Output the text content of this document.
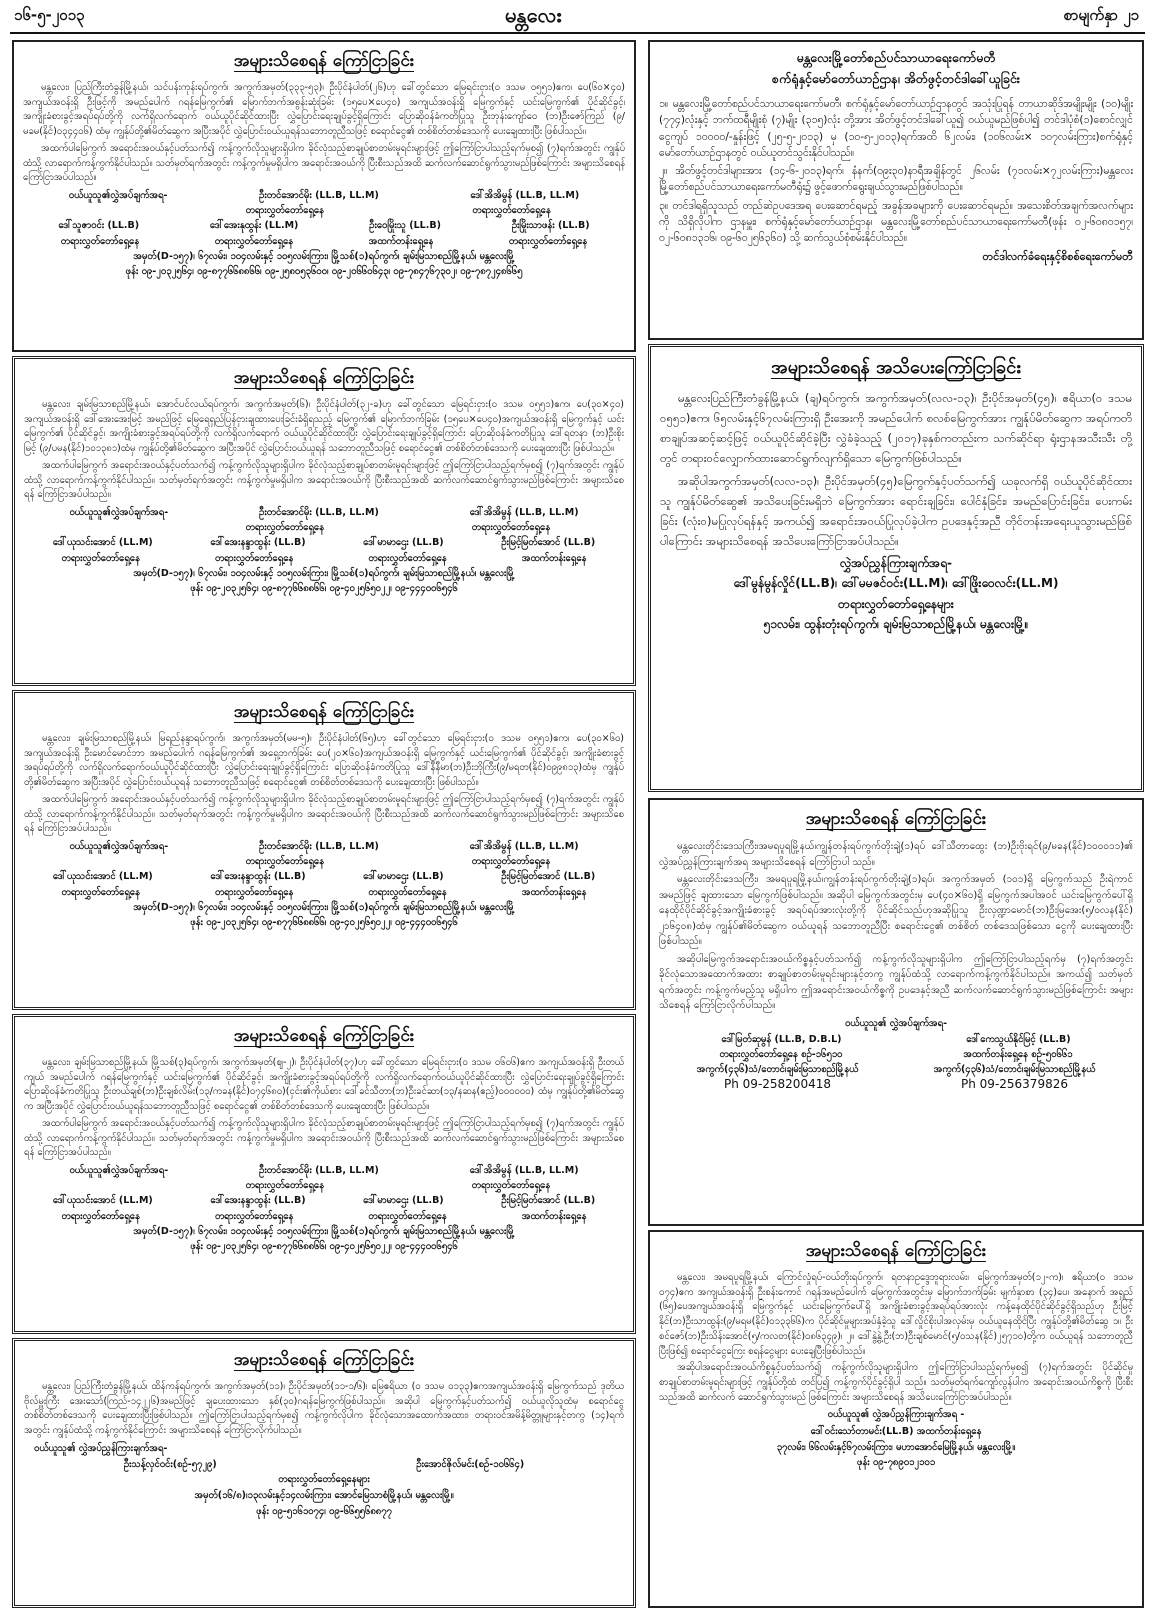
၁၆-၅-၂၀၁၃	မန္တလေး	စာမျက်နှာ ၂၁
အများသိစေရန် ကြော်ငြာခြင်း
မန္တလေး၊ ပြည်ကြီးတံခွန်မြို့နယ်၊ သင်ပန်းကုန်းရပ်ကွက်၊ အကွက်အမှတ်(၃၃၃-၅၃)၊ ဦးပိုင်နံပါတ်(၂၆)ဟု ခေါ်တွင်သော မြေရင်းငှား(၀ ဒသမ ၀၅၅၁)ဧက၊ ပေ(၆၀×၄၀) အကျယ်အဝန်းရှိ ဦးဖြင့်ကို အမည်ပေါက် ဂရန်မြေကွက်၏ မြောက်ဘက်အစွန်းဆုံးခြမ်း (၁၅ပေ×ပေ၄၀) အကျယ်အဝန်းရှိ မြေကွက်နှင့် ယင်းမြေကွက်၏ ပိုင်ဆိုင်ခွင့်၊ အကျိုးခံစားခွင့်အရပ်ရပ်တို့ကို လက်ရှိလက်ရောက် ဝယ်ယူပိုင်ဆိုင်ထားပြီး လွှဲပြောင်းရေးချုပ်ခွင့်ရှိကြောင်း ပြောဆိုဝန်ခံကတိပြုသူ ဦးဘုန်းကျော်ဝေ (ဘ)ဦးဇော်ကြည် (၉/မခမ(နိုင်)၀၃၄၄၀၆) ထံမှ ကျွန်ုပ်တို့၏မိတ်ဆွေက အပြီးအပိုင် လွှဲပြောင်းဝယ်ယူရန်သဘောတူညီသဖြင့် စရောင်ငွေ၏ တစ်စိတ်တစ်ဒေသကို ပေးချေထားပြီး ဖြစ်ပါသည်။
အထက်ပါမြေကွက် အရောင်းအဝယ်နှင့်ပတ်သက်၍ ကန့်ကွက်လိုသူများရှိပါက ခိုင်လုံသည့်စာချုပ်စာတမ်းမူရင်းများဖြင့် ဤကြော်ငြာပါသည့်ရက်မှစ၍ (၇)ရက်အတွင်း ကျွန်ုပ်ထံသို့ လာရောက်ကန့်ကွက်နိုင်ပါသည်။ သတ်မှတ်ရက်အတွင်း ကန့်ကွက်မှုမရှိပါက အရောင်းအဝယ်ကို ပြီးစီးသည်အထိ ဆက်လက်ဆောင်ရွက်သွားမည်ဖြစ်ကြောင်း အများသိစေရန် ကြော်ငြာအပ်ပါသည်။
ဝယ်ယူသူ၏လွှဲအပ်ချက်အရ-	ဦးတင်အောင်မိုး (LL.B, LL.M)	ဒေါ်အိအိမွန် (LL.B, LL.M)
တရားလွှတ်တော်ရှေ့နေ	တရားလွှတ်တော်ရှေ့နေ
ဒေါ်သူဇာဝင်း (LL.B)	ဒေါ်အေးနုထွန်း (LL.M)	ဦးဝေမြိုးသူ (LL.B)	ဦးမြိုးသာဖန်း (LL.B)
တရားလွှတ်တော်ရှေ့နေ	တရားလွှတ်တော်ရှေ့နေ	အထက်တန်းရှေ့နေ	တရားလွှတ်တော်ရှေ့နေ
အမှတ်(D-၁၅၇)၊ ၆၇လမ်း၊ ၁၀၄လမ်းနှင့် ၁၀၅လမ်းကြား၊ မြို့သစ်(၁)ရပ်ကွက်၊ ချမ်းမြသာစည်မြို့နယ်၊ မန္တလေးမြို့
ဖုန်း ၀၉-၂၀၃၂၅၆၄၊ ၀၉-၈၇၇၆၆၈၈၆၆၊ ၀၉-၂၅၈၀၅၃၆၀၀၊ ၀၉-၂၀၆၆၀၆၄၃၊ ၀၉-၇၈၄၇၆၇၃၀၂၊ ၀၉-၇၈၇၂၄၈၆၆၅
အများသိစေရန် ကြော်ငြာခြင်း
မန္တလေး၊ ချမ်းမြသာစည်မြို့နယ်၊ အောင်ပင်လယ်ရပ်ကွက်၊ အကွက်အမှတ်(၆)၊ ဦးပိုင်နံပါတ်(၃၂-ခ)ဟု ခေါ်တွင်သော မြေရင်းငှား(၀ ဒသမ ၀၅၅၁)ဧက၊ ပေ(၃၀×၄၀) အကျယ်အဝန်းရှိ ဒေါ်အေးအေးမြင့် အမည်ဖြင့် မြေရေရှည်ပြန်ငှားချထားပေးခြင်းခံရှိရသည့် မြေကွက်၏ မြောက်ဘက်ခြမ်း (၁၅ပေ×ပေ၄၀)အကျယ်အဝန်းရှိ မြေကွက်နှင့် ယင်းမြေကွက်၏ ပိုင်ဆိုင်ခွင့်၊ အကျိုးခံစားခွင့်အရပ်ရပ်တို့ကို လက်ရှိလက်ရောက် ဝယ်ယူပိုင်ဆိုင်ထားပြီး လွှဲပြောင်းရေးချုပ်ခွင့်ရှိကြောင်း ပြောဆိုဝန်ခံကတိပြုသူ ဒေါ်ရတနာ (ဘ)ဦးစိုးမြင့် (၉/ပမန(နိုင်)၁၀၁၃၈၁)ထံမှ ကျွန်ုပ်တို့၏မိတ်ဆွေက အပြီးအပိုင် လွှဲပြောင်းဝယ်ယူရန် သဘောတူညီသဖြင့် စရောင်ငွေ၏ တစ်စိတ်တစ်ဒေသကို ပေးချေထားပြီး ဖြစ်ပါသည်။
အထက်ပါမြေကွက် အရောင်းအဝယ်နှင့်ပတ်သက်၍ ကန့်ကွက်လိုသူများရှိပါက ခိုင်လုံသည့်စာချုပ်စာတမ်းမူရင်းများဖြင့် ဤကြော်ငြာပါသည့်ရက်မှစ၍ (၇)ရက်အတွင်း ကျွန်ုပ်ထံသို့ လာရောက်ကန့်ကွက်နိုင်ပါသည်။ သတ်မှတ်ရက်အတွင်း ကန့်ကွက်မှုမရှိပါက အရောင်းအဝယ်ကို ပြီးစီးသည်အထိ ဆက်လက်ဆောင်ရွက်သွားမည်ဖြစ်ကြောင်း အများသိစေရန် ကြော်ငြာအပ်ပါသည်။
ဝယ်ယူသူ၏လွှဲအပ်ချက်အရ-	ဦးတင်အောင်မိုး (LL.B, LL.M)	ဒေါ်အိအိမွန် (LL.B, LL.M)
တရားလွှတ်တော်ရှေ့နေ	တရားလွှတ်တော်ရှေ့နေ
ဒေါ်ယုသင်းအောင် (LL.M)	ဒေါ်အေးနန္ဒာထွန်း (LL.B)	ဒေါ်မာမာဌေး (LL.B)	ဦးမြင့်မြတ်အောင် (LL.B)
တရားလွှတ်တော်ရှေ့နေ	တရားလွှတ်တော်ရှေ့နေ	တရားလွှတ်တော်ရှေ့နေ	အထက်တန်းရှေ့နေ
အမှတ်(D-၁၅၇)၊ ၆၇လမ်း၊ ၁၀၄လမ်းနှင့် ၁၀၅လမ်းကြား၊ မြို့သစ်(၁)ရပ်ကွက်၊ ချမ်းမြသာစည်မြို့နယ်၊ မန္တလေးမြို့
ဖုန်း ၀၉-၂၀၃၂၅၆၄၊ ၀၉-၈၇၇၆၆၈၈၆၆၊ ၀၉-၄၀၂၅၆၅၀၂၂၊ ၀၉-၄၄၄၀၀၆၅၄၆
အများသိစေရန် ကြော်ငြာခြင်း
မန္တလေး၊ ချမ်းမြသာစည်မြို့နယ်၊ မြရည်နန္ဒာရပ်ကွက်၊ အကွက်အမှတ်(မမ-၅)၊ ဦးပိုင်နံပါတ်(၆၅)ဟု ခေါ်တွင်သော မြေရင်းငှား(၀ ဒသမ ၀၅၅၁)ဧက၊ ပေ(၃၀×၆၀) အကျယ်အဝန်းရှိ ဦးမောင်မောင်ဘာ အမည်ပေါက် ဂရန်မြေကွက်၏ အရှေ့ဘက်ခြမ်း ပေ(၂၀×၆၀)အကျယ်အဝန်းရှိ မြေကွက်နှင့် ယင်းမြေကွက်၏ ပိုင်ဆိုင်ခွင့်၊ အကျိုးခံစားခွင့်အရပ်ရပ်တို့ကို လက်ရှိလက်ရောက်ဝယ်ယူပိုင်ဆိုင်ထားပြီး လွှဲပြောင်းရေးချုပ်ခွင့်ရှိကြောင်း ပြောဆိုဝန်ခံကတိပြုသူ ဒေါ်နီနီမာ(ဘ)ဦးဘိုကြီး(၉/မရတ(နိုင်)၀၉၉၈၁၃)ထံမှ ကျွန်ုပ်တို့၏မိတ်ဆွေက အပြီးအပိုင် လွှဲပြောင်းဝယ်ယူရန် သဘောတူညီသဖြင့် စရောင်ငွေ၏ တစ်စိတ်တစ်ဒေသကို ပေးချေထားပြီး ဖြစ်ပါသည်။
အထက်ပါမြေကွက် အရောင်းအဝယ်နှင့်ပတ်သက်၍ ကန့်ကွက်လိုသူများရှိပါက ခိုင်လုံသည့်စာချုပ်စာတမ်းမူရင်းများဖြင့် ဤကြော်ငြာပါသည့်ရက်မှစ၍ (၇)ရက်အတွင်း ကျွန်ုပ်ထံသို့ လာရောက်ကန့်ကွက်နိုင်ပါသည်။ သတ်မှတ်ရက်အတွင်း ကန့်ကွက်မှုမရှိပါက အရောင်းအဝယ်ကို ပြီးစီးသည်အထိ ဆက်လက်ဆောင်ရွက်သွားမည်ဖြစ်ကြောင်း အများသိစေရန် ကြော်ငြာအပ်ပါသည်။
ဝယ်ယူသူ၏လွှဲအပ်ချက်အရ-	ဦးတင်အောင်မိုး (LL.B, LL.M)	ဒေါ်အိအိမွန် (LL.B, LL.M)
တရားလွှတ်တော်ရှေ့နေ	တရားလွှတ်တော်ရှေ့နေ
ဒေါ်ယုသင်းအောင် (LL.M)	ဒေါ်အေးနန္ဒာထွန်း (LL.B)	ဒေါ်မာမာဌေး (LL.B)	ဦးမြင့်မြတ်အောင် (LL.B)
တရားလွှတ်တော်ရှေ့နေ	တရားလွှတ်တော်ရှေ့နေ	တရားလွှတ်တော်ရှေ့နေ	အထက်တန်းရှေ့နေ
အမှတ်(D-၁၅၇)၊ ၆၇လမ်း၊ ၁၀၄လမ်းနှင့် ၁၀၅လမ်းကြား၊ မြို့သစ်(၁)ရပ်ကွက်၊ ချမ်းမြသာစည်မြို့နယ်၊ မန္တလေးမြို့
ဖုန်း ၀၉-၂၀၃၂၅၆၄၊ ၀၉-၈၇၇၆၆၈၈၆၆၊ ၀၉-၄၀၂၅၆၅၀၂၂၊ ၀၉-၄၄၄၀၀၆၅၄၆
အများသိစေရန် ကြော်ငြာခြင်း
မန္တလေး၊ ချမ်းမြသာစည်မြို့နယ်၊ မြို့သစ်(၃)ရပ်ကွက်၊ အကွက်အမှတ်(ဈ-၂)၊ ဦးပိုင်နံပါတ်(၃၇)ဟု ခေါ်တွင်သော မြေရင်းငှား(၀ ဒသမ ၀၆၀၆)ဧက အကျယ်အဝန်းရှိ ဦးတယ်ကျယ် အမည်ပေါက် ဂရန်မြေကွက်နှင့် ယင်းမြေကွက်၏ ပိုင်ဆိုင်ခွင့်၊ အကျိုးခံစားခွင့်အရပ်ရပ်တို့ကို လက်ရှိလက်ရောက်ဝယ်ယူပိုင်ဆိုင်ထားပြီး လွှဲပြောင်းရေးချုပ်ခွင့်ရှိကြောင်း ပြောဆိုဝန်ခံကတိပြုသူ ဦးတယ်ချစ်(ဘ)ဦးချစ်လိမ်း(၁၃/ကခန(နိုင်)၀၇၄၆၈၀)(ငှင်း၏ကိုယ်စား ဒေါ်ခင်သီတာ(ဘ)ဦးခင်ဆာ(၁၃/နဆန(ဧည့်)၀၀၀၀၀၀) ထံမှ ကျွန်ုပ်တို့၏မိတ်ဆွေက အပြီးအပိုင် လွှဲပြောင်းဝယ်ယူရန်သဘောတူညီသဖြင့် စရောင်ငွေ၏ တစ်စိတ်တစ်ဒေသကို ပေးချေထားပြီး ဖြစ်ပါသည်။
အထက်ပါမြေကွက် အရောင်းအဝယ်နှင့်ပတ်သက်၍ ကန့်ကွက်လိုသူများရှိပါက ခိုင်လုံသည့်စာချုပ်စာတမ်းမူရင်းများဖြင့် ဤကြော်ငြာပါသည့်ရက်မှစ၍ (၇)ရက်အတွင်း ကျွန်ုပ်ထံသို့ လာရောက်ကန့်ကွက်နိုင်ပါသည်။ သတ်မှတ်ရက်အတွင်း ကန့်ကွက်မှုမရှိပါက အရောင်းအဝယ်ကို ပြီးစီးသည်အထိ ဆက်လက်ဆောင်ရွက်သွားမည်ဖြစ်ကြောင်း အများသိစေရန် ကြော်ငြာအပ်ပါသည်။
ဝယ်ယူသူ၏လွှဲအပ်ချက်အရ-	ဦးတင်အောင်မိုး (LL.B, LL.M)	ဒေါ်အိအိမွန် (LL.B, LL.M)
တရားလွှတ်တော်ရှေ့နေ	တရားလွှတ်တော်ရှေ့နေ
ဒေါ်ယုသင်းအောင် (LL.M)	ဒေါ်အေးနန္ဒာထွန်း (LL.B)	ဒေါ်မာမာဌေး (LL.B)	ဦးမြင့်မြတ်အောင် (LL.B)
တရားလွှတ်တော်ရှေ့နေ	တရားလွှတ်တော်ရှေ့နေ	တရားလွှတ်တော်ရှေ့နေ	အထက်တန်းရှေ့နေ
အမှတ်(D-၁၅၇)၊ ၆၇လမ်း၊ ၁၀၄လမ်းနှင့် ၁၀၅လမ်းကြား၊ မြို့သစ်(၁)ရပ်ကွက်၊ ချမ်းမြသာစည်မြို့နယ်၊ မန္တလေးမြို့
ဖုန်း ၀၉-၂၀၃၂၅၆၄၊ ၀၉-၈၇၇၆၆၈၈၆၆၊ ၀၉-၄၀၂၅၆၅၀၂၂၊ ၀၉-၄၄၄၀၀၆၅၄၆
အများသိစေရန် ကြော်ငြာခြင်း
မန္တလေး၊ ပြည်ကြီးတံခွန်မြို့နယ်၊ ထိန်ကန်ရပ်ကွက်၊ အကွက်အမှတ်(၁၁)၊ ဦးပိုင်အမှတ်(၁၁-၁/၆)၊ မြေဧရိယာ (၀ ဒသမ ၀၁၃၃)ဧကအကျယ်အဝန်းရှိ မြေကွက်သည် ဒုတိယဗိုလ်မှူးကြီး အေးသော်(ကြည်-၁၄၂၂၆)အမည်ဖြင့် ချပေးထားသော နှစ်(၃၀)ဂရန်မြေကွက်ဖြစ်ပါသည်။ အဆိုပါ မြေကွက်နှင့်ပတ်သက်၍ ဝယ်ယူလိုသူထံမှ စရောင်ငွေတစ်စိတ်တစ်ဒေသကို ပေးချေထားပြီးဖြစ်ပါသည်။ ဤကြော်ငြာပါသည့်ရက်မှစ၍ ကန့်ကွက်လိုပါက ခိုင်လုံသောအထောက်အထား၊ တရားဝင်အမိန့်မိတ္တူများနှင့်တကွ (၁၄)ရက်အတွင်း ကျွန်ုပ်ထံသို့ ကန့်ကွက်နိုင်ကြောင်း အများသိစေရန် ကြော်ငြာလိုက်ပါသည်။
ဝယ်ယူသူ၏ လွှဲအပ်ညွှန်ကြားချက်အရ-
ဦးသန့်လှင်ဝင်း(စဥ်-၅၇၂၉)	ဦးအောင်ဇိုလ်မင်း(စဥ်-၁၀၆၆၄)
တရားလွှတ်တော်ရှေ့နေများ
အမှတ်(၁၆/၈)၊၁၃လမ်းနှင့်၁၄လမ်းကြား၊ အောင်မြေသာစံမြို့နယ်၊ မန္တလေးမြို့။
ဖုန်း ၀၉-၅၁၆၁၀၇၄၊ ၀၉-၆၆၅၅၆၈၈၇၇
မန္တလေးမြို့တော်စည်ပင်သာယာရေးကော်မတီ
စက်ရုံနှင့်မော်တော်ယာဉ်ဌာန၊ အိတ်ဖွင့်တင်ဒါခေါ်ယူခြင်း
၁။ မန္တလေးမြို့တော်စည်ပင်သာယာရေးကော်မတီ၊ စက်ရုံနှင့်မော်တော်ယာဉ်ဌာနတွင် အသုံးပြုရန် တာယာဆိုဒ်အမျိုးမျိုး (၁၀)မျိုး (၇၇၄)လုံးနှင့် ဘက်ထရီမျိုးစုံ (၇)မျိုး (၃၁၅)လုံး တို့အား အိတ်ဖွင့်တင်ဒါခေါ်ယူ၍ ဝယ်ယူမည်ဖြစ်ပါ၍ တင်ဒါပုံစံ(၁)စောင်လျှင် ငွေကျပ် ၁၀၀၀၀/-နှုန်းဖြင့် (၂၅-၅-၂၀၁၃) မှ (၁၀-၅-၂၀၁၃)ရက်အထိ ၆၂လမ်း၊ (၁၀၆လမ်း× ၁၀၇လမ်းကြား)စက်ရုံနှင့်မော်တော်ယာဉ်ဌာနတွင် ဝယ်ယူတင်သွင်းနိုင်ပါသည်။
၂။ အိတ်ဖွင့်တင်ဒါများအား (၁၄-၆-၂၀၁၃)ရက်၊ နံနက်(၀၉း၃၀)နာရီအချိန်တွင် ၂၆လမ်း (၇၁လမ်း×၇၂လမ်းကြား)မန္တလေးမြို့တော်စည်ပင်သာယာရေးကော်မတီရုံး၌ ဖွင့်ဖောက်ရွေးချယ်သွားမည်ဖြစ်ပါသည်။
၃။ တင်ဒါရရှိသူသည် တည်ဆဲဥပဒေအရ ပေးဆောင်ရမည့် အခွန်အခများကို ပေးဆောင်ရမည်။ အသေးစိတ်အချက်အလက်များကို သိရှိလိုပါက ဌာနမှူး၊ စက်ရုံနှင့်မော်တော်ယာဉ်ဌာန၊ မန္တလေးမြို့တော်စည်ပင်သာယာရေးကော်မတီ(ဖုန်း ၀၂-၆၀၈၀၁၅၇၊ ၀၂-၆၀၈၁၃၁၆၊ ၀၉-၆၀၂၅၆၃၆၀) သို့ ဆက်သွယ်စုံစမ်းနိုင်ပါသည်။
တင်ဒါလက်ခံရေးနှင့်စိစစ်ရေးကော်မတီ
အများသိစေရန် အသိပေးကြော်ငြာခြင်း
မန္တလေးပြည်ကြီးတံခွန်မြို့နယ်၊ (ချ)ရပ်ကွက်၊ အကွက်အမှတ်(လလ-၁၃)၊ ဦးပိုင်အမှတ်(၄၅)၊ ဧရိယာ(၀ ဒသမ ၀၅၅၁)ဧက၊ ၆၅လမ်းနှင့်၆၇လမ်းကြားရှိ ဦးအေးကို အမည်ပေါက် စလစ်မြေကွက်အား ကျွန်ုပ်မိတ်ဆွေက အရပ်ကတိ စာချုပ်အဆင့်ဆင့်ဖြင့် ဝယ်ယူပိုင်ဆိုင်ခဲ့ပြီး လွှဲခံခဲ့သည့် (၂၀၁၇)ခုနှစ်ကတည်းက သက်ဆိုင်ရာ ရုံးဌာနအသီးသီး တို့တွင် တရားဝင်လျှောက်ထားဆောင်ရွက်လျက်ရှိသော မြေကွက်ဖြစ်ပါသည်။
အဆိုပါအကွက်အမှတ်(လလ-၁၃)၊ ဦးပိုင်အမှတ်(၄၅)မြေကွက်နှင့်ပတ်သက်၍ ယခုလက်ရှိ ဝယ်ယူပိုင်ဆိုင်ထားသူ ကျွန်ုပ်မိတ်ဆွေ၏ အသိပေးခြင်းမရှိဘဲ မြေကွက်အား ရောင်းချခြင်း၊ ပေါင်နှံခြင်း၊ အမည်ပြောင်းခြင်း၊ ပေးကမ်းခြင်း (လုံးဝ)မပြုလုပ်ရန်နှင့် အကယ်၍ အရောင်းအဝယ်ပြုလုပ်ခဲ့ပါက ဥပဒေနှင့်အညီ တိုင်တန်းအရေးယူသွားမည်ဖြစ် ပါကြောင်း အများသိစေရန် အသိပေးကြော်ငြာအပ်ပါသည်။
လွှဲအပ်ညွှန်ကြားချက်အရ-
ဒေါ်မွန်မွန်လှိုင်(LL.B)၊ ဒေါ်မမဇင်ဝင်း(LL.M)၊ ဒေါ်ဖြိုးဝေလင်း(LL.M)
တရားလွှတ်တော်ရှေ့နေများ
၅၁လမ်း၊ ထွန်းတုံးရပ်ကွက်၊ ချမ်းမြသာစည်မြို့နယ်၊ မန္တလေးမြို့။
အများသိစေရန် ကြော်ငြာခြင်း
မန္တလေးတိုင်းဒေသကြီး၊အမရပူရမြို့နယ်၊ကျွန်တန်းရပ်ကွက်တိုးချဲ့(၁)ရပ် ဒေါ်သီတာထွေး (ဘ)ဦးဗိုးရင်(၉/မခန(နိုင်)၁၀၀၀၁၁)၏ လွှဲအပ်ညွှန်ကြားချက်အရ အများသိစေရန် ကြော်ငြာပါ သည်။
မန္တလေးတိုင်းဒေသကြီး၊ အမရပူရမြို့နယ်၊ကျွန်တန်းရပ်ကွက်တိုးချဲ့(၁)ရပ်၊ အကွက်အမှတ် (၁၀၁)ရှိ မြေကွက်သည် ဦးရဲကာင်အမည်ဖြင့် ချထားသော မြေကွက်ဖြစ်ပါသည်။ အဆိုပါ မြေကွက်အတွင်းမှ ပေ(၄၀×၆၀)ရှိ မြေကွက်အပါအဝင် ယင်းမြေကွက်ပေါ်ရှိ နေထိုင်ပိုင်ဆိုင်ခွင့်အကျိုးခံစားခွင့် အရပ်ရပ်အားလုံးတို့ကို ပိုင်ဆိုင်သည်ဟုအဆိုပြုသူ ဦးလှဏ္ဍာမောင်(ဘ)ဦးမြအေး(၅/ဝလန(နိုင်) ၂၁၆၄၀၈)ထံမှ ကျွန်ုပ်၏မိတ်ဆွေက ဝယ်ယူရန် သဘောတူညီပြီး စရောင်းငွေ၏ တစ်စိတ် တစ်ဒေသဖြစ်သော ငွေကို ပေးချေထားပြီးဖြစ်ပါသည်။
အဆိုပါမြေကွက်အရောင်းအဝယ်ကိစ္စနှင့်ပတ်သက်၍ ကန့်ကွက်လိုသူများရှိပါက ဤကြော်ငြာပါသည့်ရက်မှ (၇)ရက်အတွင်း ခိုင်လုံသောအထောက်အထား စာချုပ်စာတမ်းမူရင်းများနှင့်တကွ ကျွန်ုပ်ထံသို့ လာရောက်ကန့်ကွက်နိုင်ပါသည်။ အကယ်၍ သတ်မှတ်ရက်အတွင်း ကန့်ကွက်မည့်သူ မရှိပါက ဤအရောင်းအဝယ်ကိစ္စကို ဥပဒေနှင့်အညီ ဆက်လက်ဆောင်ရွက်သွားမည်ဖြစ်ကြောင်း အများသိစေရန် ကြော်ငြာလိုက်ပါသည်။
ဝယ်ယူသူ၏ လွှဲအပ်ချက်အရ-
ဒေါ်မြတ်ဆုမွန် (LL.B, D.B.L)	ဒေါ်ကေသွယ်နိုင်မြင့် (LL.B)
တရားလွှတ်တော်ရှေ့နေ စဉ်-၁၆၅၁၀	အထက်တန်းရှေ့နေ စဉ်-၅၀၆၆၁
အကွက်(၄၃၆)သံ/တောင်၊ချမ်းမြသာစည်မြို့နယ်	အကွက်(၄၃၆)သံ/တောင်၊ချမ်းမြသာစည်မြို့နယ်
Ph 09-258200418	Ph 09-256379826
အများသိစေရန် ကြော်ငြာခြင်း
မန္တလေး၊ အမရပူရမြို့နယ်၊ ကြောင်လှုံရပ်-ဝယ်တိုးရပ်ကွက်၊ ရတနာဥဒ္ဒေဘူရားလမ်း၊ မြေကွက်အမှတ်(၁၂-က)၊ ဧရိယာ(၀ ဒသမ ၀၇၄)ဧက အကျယ်အဝန်းရှိ ဦးစန်းကောင် ဂရန်အမည်ပေါက် မြေကွက်အတွင်းမှ မြောက်ဘက်ခြမ်း မျက်နှာစာ (၃၄)ပေ၊ အနောက် အရှည် (၆၅)ပေအကျယ်အဝန်းရှိ မြေကွက်နှင့် ယင်းမြေကွက်ပေါ်ရှိ အကျိုးခံစားခွင့်အရပ်ရပ်အားလုံး ကန့်နေထိုင်ပိုင်ဆိုင်ခွင့်ရှိသည်ဟု ဦးမြင့်နိုင်(ဘ)ဦးသာထွန်း(၉/မရမ(နိုင်)၀၁၃၃၆၆)က ပိုင်ဆိုင်မှုများအပ်နှံခဲ့သူ ဒေါ်လှိုင်စိုးပါအလှမ်းမှ ဝယ်ယူနေထိုင်ပြီး ကျွန်ုပ်တို့၏မိတ်ဆွေ ၁။ ဦးစင်ဇော်(ဘ)ဦးသိန်းအောင်(၅/ကလတ(နိုင်)၀၈၆၃၄၉)၊ ၂။ ဒေါ်နွဲ့နွဲ့ဦး(ဘ)ဦးချစ်မောင်(၅/၀သန(နိုင်)၂၅၇၁၀)တို့က ဝယ်ယူရန် သဘောတူညီပြီးဖြစ်၍ စရောင်ငွေကြေး စရန်ငွေများ ပေးချေပြီးဖြစ်ပါသည်။
အဆိုပါအရောင်းအဝယ်ကိစ္စနှင့်ပတ်သက်၍ ကန့်ကွက်လိုသူများရှိပါက ဤကြော်ငြာပါသည့်ရက်မှစ၍ (၇)ရက်အတွင်း ပိုင်ဆိုင်မှုစာချုပ်စာတမ်းမူရင်းများဖြင့် ကျွန်ုပ်တို့ထံ တင်ပြ၍ ကန့်ကွက်ပိုင်ခွင့်ရှိပါ သည်။ သတ်မှတ်ရက်ကျော်လွန်ပါက အရောင်းအဝယ်ကိစ္စကို ပြီးစီးသည်အထိ ဆက်လက် ဆောင်ရွက်သွားမည် ဖြစ်ကြောင်း အများသိစေရန် အသိပေးကြော်ငြာအပ်ပါသည်။
ဝယ်ယူသူ၏ လွှဲအပ်ညွှန်ကြားချက်အရ -
ဒေါ်ဝင်းသော်တာမင်း(LL.B) အထက်တန်းရှေ့နေ
၃၇လမ်း၊ ၆၆လမ်းနှင့်၆၇လမ်းကြား၊ မဟာအောင်မြေမြို့နယ်၊ မန္တလေးမြို့။
ဖုန်း ၀၉-၇၈၉၀၁၂၁၀၁
